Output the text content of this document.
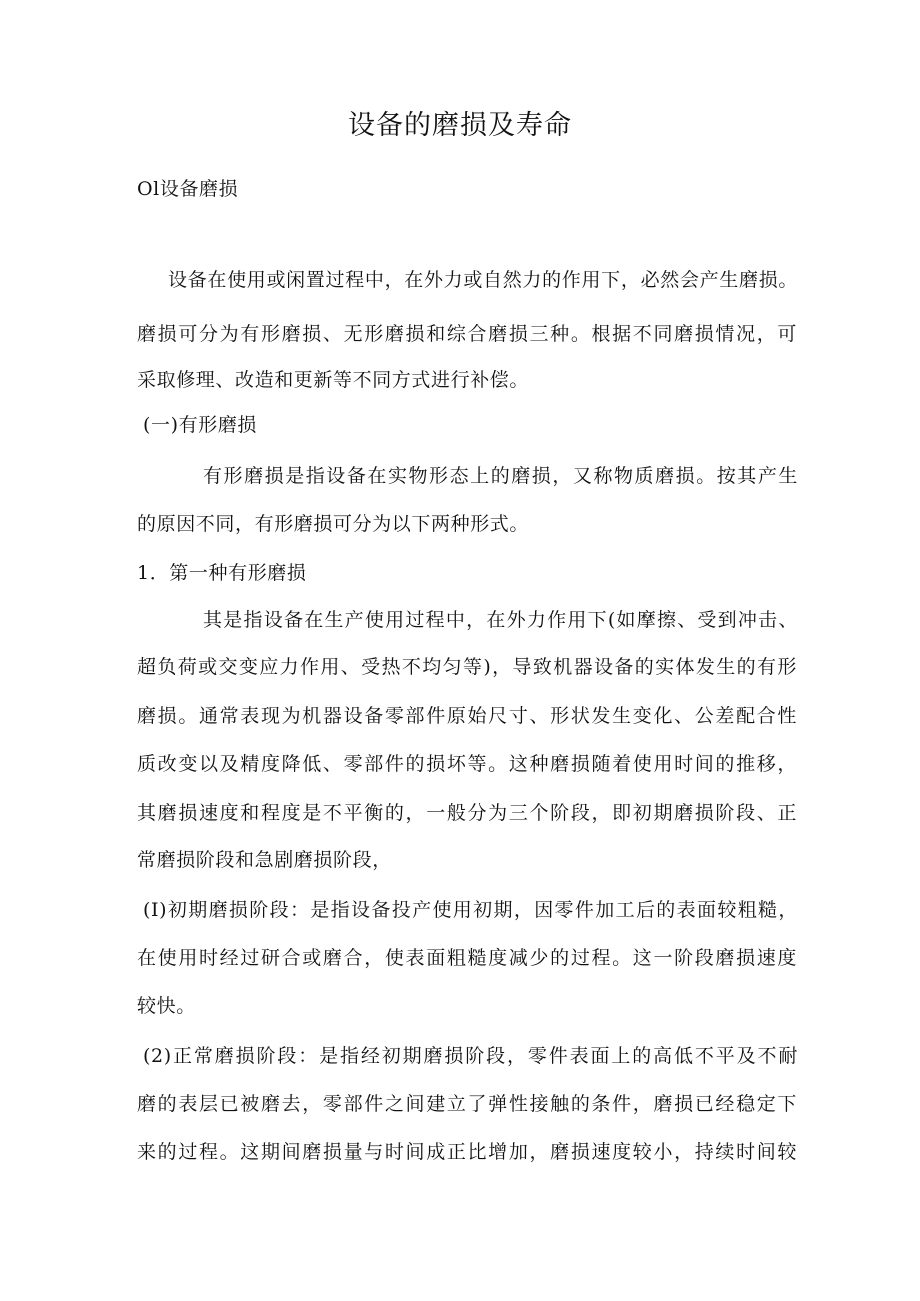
设备的磨损及寿命
Ol设备磨损
设备在使用或闲置过程中，在外力或自然力的作用下，必然会产生磨损。
磨损可分为有形磨损、无形磨损和综合磨损三种。根据不同磨损情况，可
采取修理、改造和更新等不同方式进行补偿。
(一)有形磨损
有形磨损是指设备在实物形态上的磨损，又称物质磨损。按其产生
的原因不同，有形磨损可分为以下两种形式。
1．第一种有形磨损
其是指设备在生产使用过程中，在外力作用下(如摩擦、受到冲击、
超负荷或交变应力作用、受热不均匀等)，导致机器设备的实体发生的有形
磨损。通常表现为机器设备零部件原始尺寸、形状发生变化、公差配合性
质改变以及精度降低、零部件的损坏等。这种磨损随着使用时间的推移，
其磨损速度和程度是不平衡的，一般分为三个阶段，即初期磨损阶段、正
常磨损阶段和急剧磨损阶段，
(I)初期磨损阶段：是指设备投产使用初期，因零件加工后的表面较粗糙，
在使用时经过研合或磨合，使表面粗糙度减少的过程。这一阶段磨损速度
较快。
(2)正常磨损阶段：是指经初期磨损阶段，零件表面上的高低不平及不耐
磨的表层已被磨去，零部件之间建立了弹性接触的条件，磨损已经稳定下
来的过程。这期间磨损量与时间成正比增加，磨损速度较小，持续时间较
